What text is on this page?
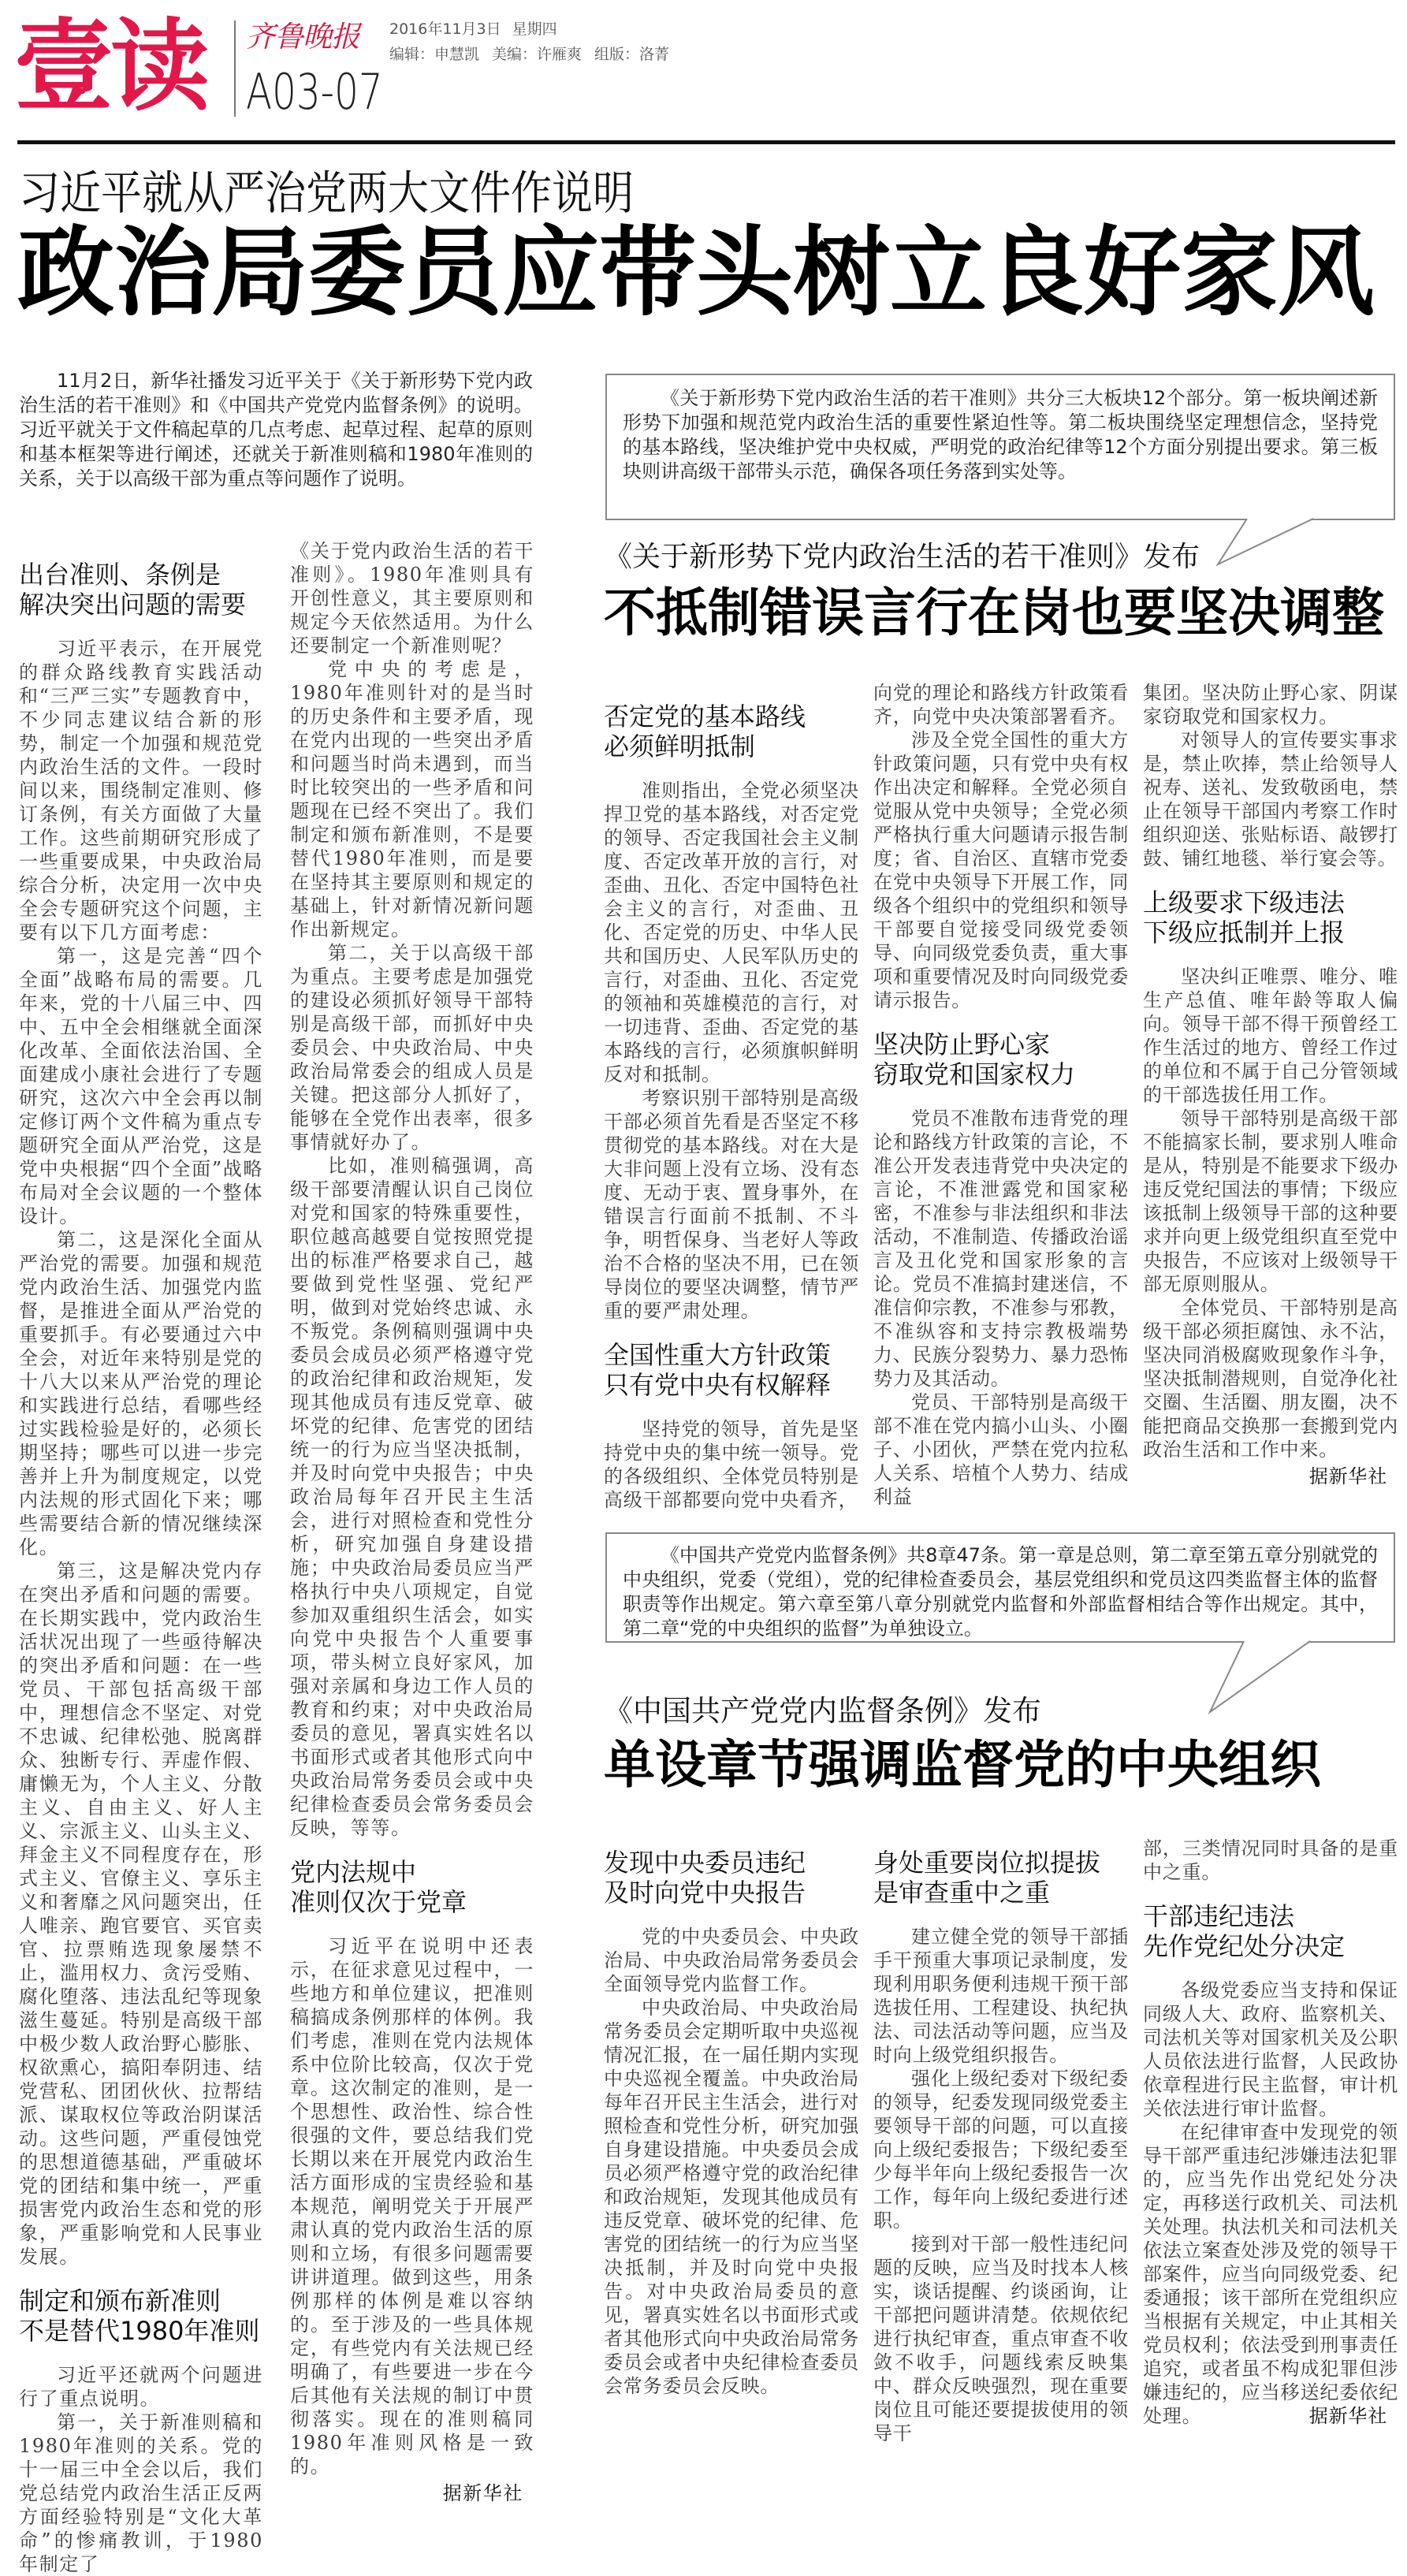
壹读 齐鲁晚报 2016年11月3日 星期四
编辑：申慧凯 美编：许雁爽 组版：洛菁
A03-07
习近平就从严治党两大文件作说明
政治局委员应带头树立良好家风
11月2日，新华社播发习近平关于《关于新形势下党内政治生活的若干准则》和《中国共产党党内监督条例》的说明。习近平就关于文件稿起草的几点考虑、起草过程、起草的原则和基本框架等进行阐述，还就关于新准则稿和1980年准则的关系，关于以高级干部为重点等问题作了说明。
《关于新形势下党内政治生活的若干准则》共分三大板块12个部分。第一板块阐述新形势下加强和规范党内政治生活的重要性紧迫性等。第二板块围绕坚定理想信念，坚持党的基本路线，坚决维护党中央权威，严明党的政治纪律等12个方面分别提出要求。第三板块则讲高级干部带头示范，确保各项任务落到实处等。
《关于新形势下党内政治生活的若干准则》发布
不抵制错误言行在岗也要坚决调整
《中国共产党党内监督条例》共8章47条。第一章是总则，第二章至第五章分别就党的中央组织，党委（党组），党的纪律检查委员会，基层党组织和党员这四类监督主体的监督职责等作出规定。第六章至第八章分别就党内监督和外部监督相结合等作出规定。其中，第二章“党的中央组织的监督”为单独设立。
《中国共产党党内监督条例》发布
单设章节强调监督党的中央组织
出台准则、条例是
解决突出问题的需要

习近平表示，在开展党的群众路线教育实践活动和“三严三实”专题教育中，不少同志建议结合新的形势，制定一个加强和规范党内政治生活的文件。一段时间以来，围绕制定准则、修订条例，有关方面做了大量工作。这些前期研究形成了一些重要成果，中央政治局综合分析，决定用一次中央全会专题研究这个问题，主要有以下几方面考虑：

第一，这是完善“四个全面”战略布局的需要。几年来，党的十八届三中、四中、五中全会相继就全面深化改革、全面依法治国、全面建成小康社会进行了专题研究，这次六中全会再以制定修订两个文件稿为重点专题研究全面从严治党，这是党中央根据“四个全面”战略布局对全会议题的一个整体设计。

第二，这是深化全面从严治党的需要。加强和规范党内政治生活、加强党内监督，是推进全面从严治党的重要抓手。有必要通过六中全会，对近年来特别是党的十八大以来从严治党的理论和实践进行总结，看哪些经过实践检验是好的，必须长期坚持；哪些可以进一步完善并上升为制度规定，以党内法规的形式固化下来；哪些需要结合新的情况继续深化。

第三，这是解决党内存在突出矛盾和问题的需要。在长期实践中，党内政治生活状况出现了一些亟待解决的突出矛盾和问题：在一些党员、干部包括高级干部中，理想信念不坚定、对党不忠诚、纪律松弛、脱离群众、独断专行、弄虚作假、庸懒无为，个人主义、分散主义、自由主义、好人主义、宗派主义、山头主义、拜金主义不同程度存在，形式主义、官僚主义、享乐主义和奢靡之风问题突出，任人唯亲、跑官要官、买官卖官、拉票贿选现象屡禁不止，滥用权力、贪污受贿、腐化堕落、违法乱纪等现象滋生蔓延。特别是高级干部中极少数人政治野心膨胀、权欲熏心，搞阳奉阴违、结党营私、团团伙伙、拉帮结派、谋取权位等政治阴谋活动。这些问题，严重侵蚀党的思想道德基础，严重破坏党的团结和集中统一，严重损害党内政治生态和党的形象，严重影响党和人民事业发展。

制定和颁布新准则
不是替代1980年准则

习近平还就两个问题进行了重点说明。

第一，关于新准则稿和1980年准则的关系。党的十一届三中全会以后，我们党总结党内政治生活正反两方面经验特别是“文化大革命”的惨痛教训，于1980年制定了

《关于党内政治生活的若干准则》。1980年准则具有开创性意义，其主要原则和规定今天依然适用。为什么还要制定一个新准则呢？

党中央的考虑是，1980年准则针对的是当时的历史条件和主要矛盾，现在党内出现的一些突出矛盾和问题当时尚未遇到，而当时比较突出的一些矛盾和问题现在已经不突出了。我们制定和颁布新准则，不是要替代1980年准则，而是要在坚持其主要原则和规定的基础上，针对新情况新问题作出新规定。

第二，关于以高级干部为重点。主要考虑是加强党的建设必须抓好领导干部特别是高级干部，而抓好中央委员会、中央政治局、中央政治局常委会的组成人员是关键。把这部分人抓好了，能够在全党作出表率，很多事情就好办了。

比如，准则稿强调，高级干部要清醒认识自己岗位对党和国家的特殊重要性，职位越高越要自觉按照党提出的标准严格要求自己，越要做到党性坚强、党纪严明，做到对党始终忠诚、永不叛党。条例稿则强调中央委员会成员必须严格遵守党的政治纪律和政治规矩，发现其他成员有违反党章、破坏党的纪律、危害党的团结统一的行为应当坚决抵制，并及时向党中央报告；中央政治局每年召开民主生活会，进行对照检查和党性分析，研究加强自身建设措施；中央政治局委员应当严格执行中央八项规定，自觉参加双重组织生活会，如实向党中央报告个人重要事项，带头树立良好家风，加强对亲属和身边工作人员的教育和约束；对中央政治局委员的意见，署真实姓名以书面形式或者其他形式向中央政治局常务委员会或中央纪律检查委员会常务委员会反映，等等。

党内法规中
准则仅次于党章

习近平在说明中还表示，在征求意见过程中，一些地方和单位建议，把准则稿搞成条例那样的体例。我们考虑，准则在党内法规体系中位阶比较高，仅次于党章。这次制定的准则，是一个思想性、政治性、综合性很强的文件，要总结我们党长期以来在开展党内政治生活方面形成的宝贵经验和基本规范，阐明党关于开展严肃认真的党内政治生活的原则和立场，有很多问题需要讲讲道理。做到这些，用条例那样的体例是难以容纳的。至于涉及的一些具体规定，有些党内有关法规已经明确了，有些要进一步在今后其他有关法规的制订中贯彻落实。现在的准则稿同1980年准则风格是一致的。

据新华社
否定党的基本路线
必须鲜明抵制

准则指出，全党必须坚决捍卫党的基本路线，对否定党的领导、否定我国社会主义制度、否定改革开放的言行，对歪曲、丑化、否定中国特色社会主义的言行，对歪曲、丑化、否定党的历史、中华人民共和国历史、人民军队历史的言行，对歪曲、丑化、否定党的领袖和英雄模范的言行，对一切违背、歪曲、否定党的基本路线的言行，必须旗帜鲜明反对和抵制。

考察识别干部特别是高级干部必须首先看是否坚定不移贯彻党的基本路线。对在大是大非问题上没有立场、没有态度、无动于衷、置身事外，在错误言行面前不抵制、不斗争，明哲保身、当老好人等政治不合格的坚决不用，已在领导岗位的要坚决调整，情节严重的要严肃处理。

全国性重大方针政策
只有党中央有权解释

坚持党的领导，首先是坚持党中央的集中统一领导。党的各级组织、全体党员特别是高级干部都要向党中央看齐，

向党的理论和路线方针政策看齐，向党中央决策部署看齐。

涉及全党全国性的重大方针政策问题，只有党中央有权作出决定和解释。全党必须自觉服从党中央领导；全党必须严格执行重大问题请示报告制度；省、自治区、直辖市党委在党中央领导下开展工作，同级各个组织中的党组织和领导干部要自觉接受同级党委领导、向同级党委负责，重大事项和重要情况及时向同级党委请示报告。

坚决防止野心家
窃取党和国家权力

党员不准散布违背党的理论和路线方针政策的言论，不准公开发表违背党中央决定的言论，不准泄露党和国家秘密，不准参与非法组织和非法活动，不准制造、传播政治谣言及丑化党和国家形象的言论。党员不准搞封建迷信，不准信仰宗教，不准参与邪教，不准纵容和支持宗教极端势力、民族分裂势力、暴力恐怖势力及其活动。

党员、干部特别是高级干部不准在党内搞小山头、小圈子、小团伙，严禁在党内拉私人关系、培植个人势力、结成利益

集团。坚决防止野心家、阴谋家窃取党和国家权力。

对领导人的宣传要实事求是，禁止吹捧，禁止给领导人祝寿、送礼、发致敬函电，禁止在领导干部国内考察工作时组织迎送、张贴标语、敲锣打鼓、铺红地毯、举行宴会等。

上级要求下级违法
下级应抵制并上报

坚决纠正唯票、唯分、唯生产总值、唯年龄等取人偏向。领导干部不得干预曾经工作生活过的地方、曾经工作过的单位和不属于自己分管领域的干部选拔任用工作。

领导干部特别是高级干部不能搞家长制，要求别人唯命是从，特别是不能要求下级办违反党纪国法的事情；下级应该抵制上级领导干部的这种要求并向更上级党组织直至党中央报告，不应该对上级领导干部无原则服从。

全体党员、干部特别是高级干部必须拒腐蚀、永不沾，坚决同消极腐败现象作斗争，坚决抵制潜规则，自觉净化社交圈、生活圈、朋友圈，决不能把商品交换那一套搬到党内政治生活和工作中来。

据新华社
发现中央委员违纪
及时向党中央报告

党的中央委员会、中央政治局、中央政治局常务委员会全面领导党内监督工作。

中央政治局、中央政治局常务委员会定期听取中央巡视情况汇报，在一届任期内实现中央巡视全覆盖。中央政治局每年召开民主生活会，进行对照检查和党性分析，研究加强自身建设措施。中央委员会成员必须严格遵守党的政治纪律和政治规矩，发现其他成员有违反党章、破坏党的纪律、危害党的团结统一的行为应当坚决抵制，并及时向党中央报告。对中央政治局委员的意见，署真实姓名以书面形式或者其他形式向中央政治局常务委员会或者中央纪律检查委员会常务委员会反映。

身处重要岗位拟提拔
是审查重中之重

建立健全党的领导干部插手干预重大事项记录制度，发现利用职务便利违规干预干部选拔任用、工程建设、执纪执法、司法活动等问题，应当及时向上级党组织报告。

强化上级纪委对下级纪委的领导，纪委发现同级党委主要领导干部的问题，可以直接向上级纪委报告；下级纪委至少每半年向上级纪委报告一次工作，每年向上级纪委进行述职。

接到对干部一般性违纪问题的反映，应当及时找本人核实，谈话提醒、约谈函询，让干部把问题讲清楚。依规依纪进行执纪审查，重点审查不收敛不收手，问题线索反映集中、群众反映强烈，现在重要岗位且可能还要提拔使用的领导干

部，三类情况同时具备的是重中之重。

干部违纪违法
先作党纪处分决定

各级党委应当支持和保证同级人大、政府、监察机关、司法机关等对国家机关及公职人员依法进行监督，人民政协依章程进行民主监督，审计机关依法进行审计监督。

在纪律审查中发现党的领导干部严重违纪涉嫌违法犯罪的，应当先作出党纪处分决定，再移送行政机关、司法机关处理。执法机关和司法机关依法立案查处涉及党的领导干部案件，应当向同级党委、纪委通报；该干部所在党组织应当根据有关规定，中止其相关党员权利；依法受到刑事责任追究，或者虽不构成犯罪但涉嫌违纪的，应当移送纪委依纪处理。	据新华社
